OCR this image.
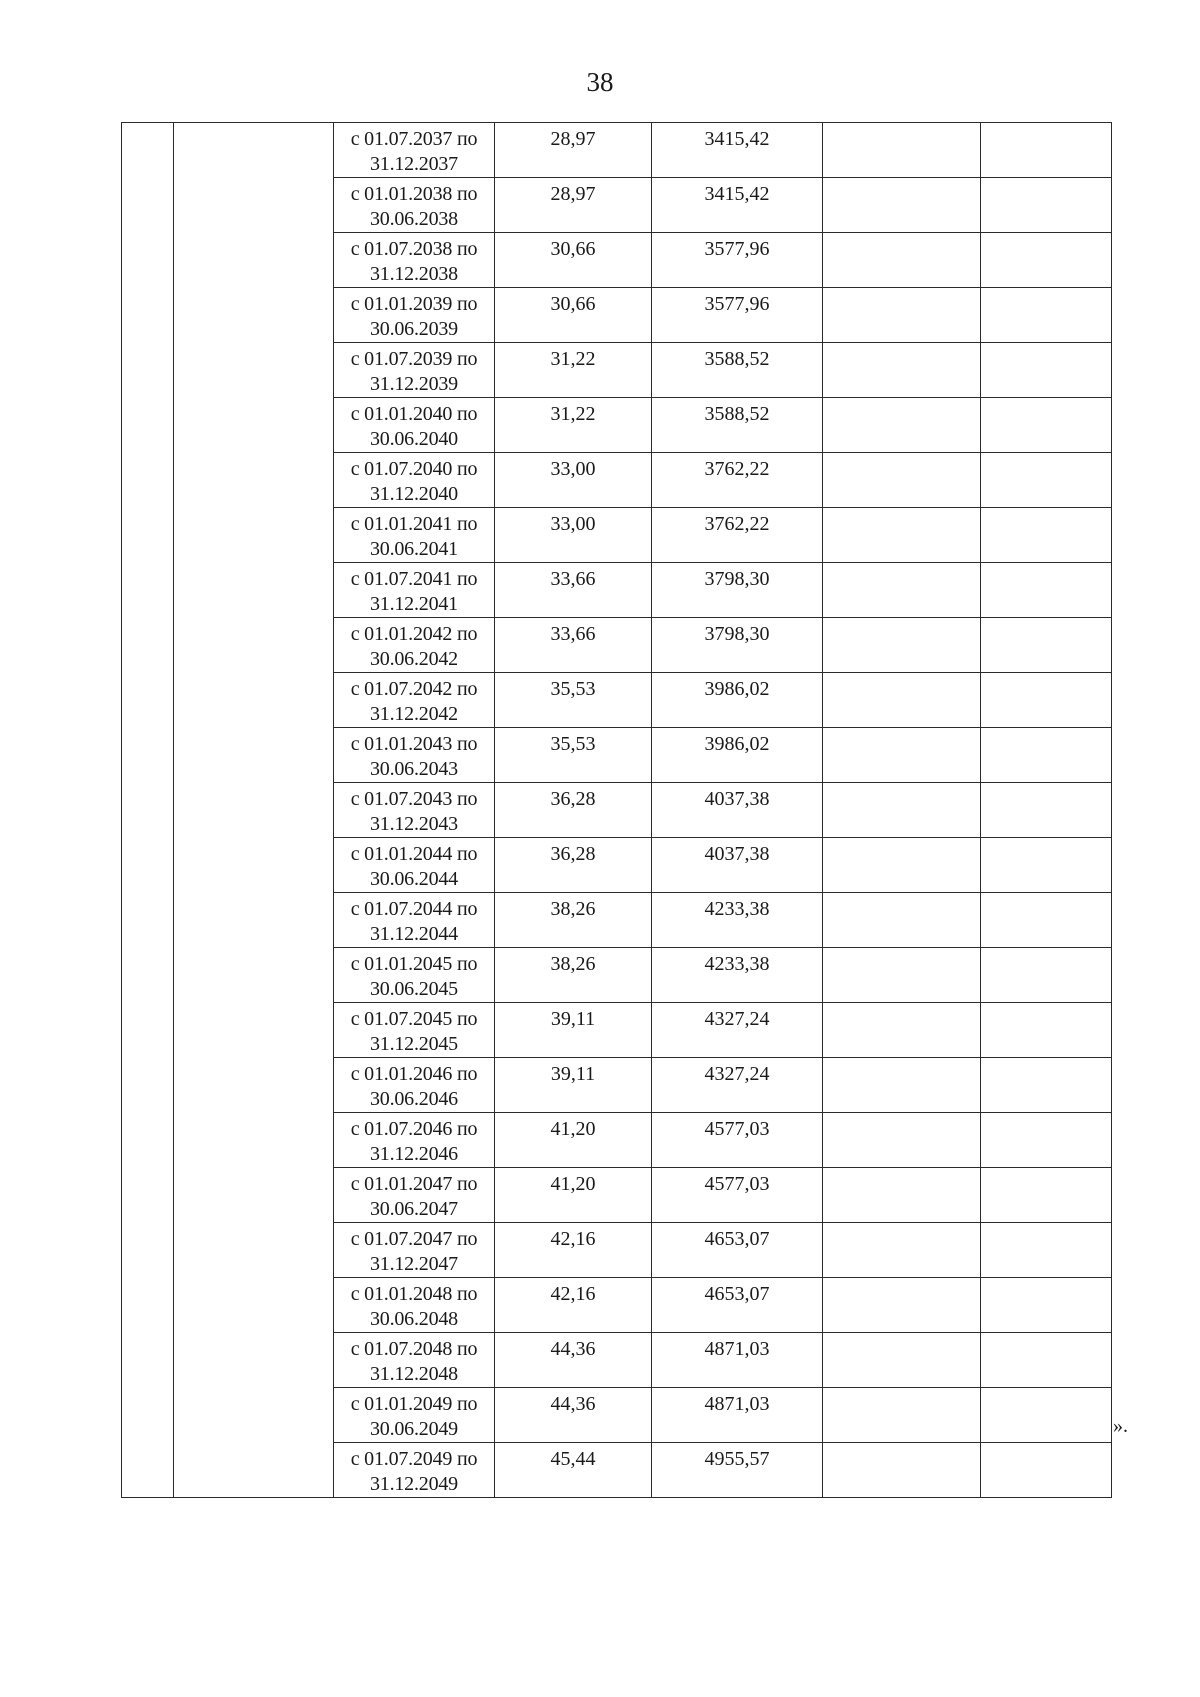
38

		с 01.07.2037 по
31.12.2037	28,97	3415,42		

		с 01.01.2038 по
30.06.2038	28,97	3415,42		

		с 01.07.2038 по
31.12.2038	30,66	3577,96		

		с 01.01.2039 по
30.06.2039	30,66	3577,96		

		с 01.07.2039 по
31.12.2039	31,22	3588,52		

		с 01.01.2040 по
30.06.2040	31,22	3588,52		

		с 01.07.2040 по
31.12.2040	33,00	3762,22		

		с 01.01.2041 по
30.06.2041	33,00	3762,22		

		с 01.07.2041 по
31.12.2041	33,66	3798,30		

		с 01.01.2042 по
30.06.2042	33,66	3798,30		

		с 01.07.2042 по
31.12.2042	35,53	3986,02		

		с 01.01.2043 по
30.06.2043	35,53	3986,02		

		с 01.07.2043 по
31.12.2043	36,28	4037,38		

		с 01.01.2044 по
30.06.2044	36,28	4037,38		

		с 01.07.2044 по
31.12.2044	38,26	4233,38		

		с 01.01.2045 по
30.06.2045	38,26	4233,38		

		с 01.07.2045 по
31.12.2045	39,11	4327,24		

		с 01.01.2046 по
30.06.2046	39,11	4327,24		

		с 01.07.2046 по
31.12.2046	41,20	4577,03		

		с 01.01.2047 по
30.06.2047	41,20	4577,03		

		с 01.07.2047 по
31.12.2047	42,16	4653,07		

		с 01.01.2048 по
30.06.2048	42,16	4653,07		

		с 01.07.2048 по
31.12.2048	44,36	4871,03		

		с 01.01.2049 по
30.06.2049	44,36	4871,03		

		с 01.07.2049 по
31.12.2049	45,44	4955,57		
».
